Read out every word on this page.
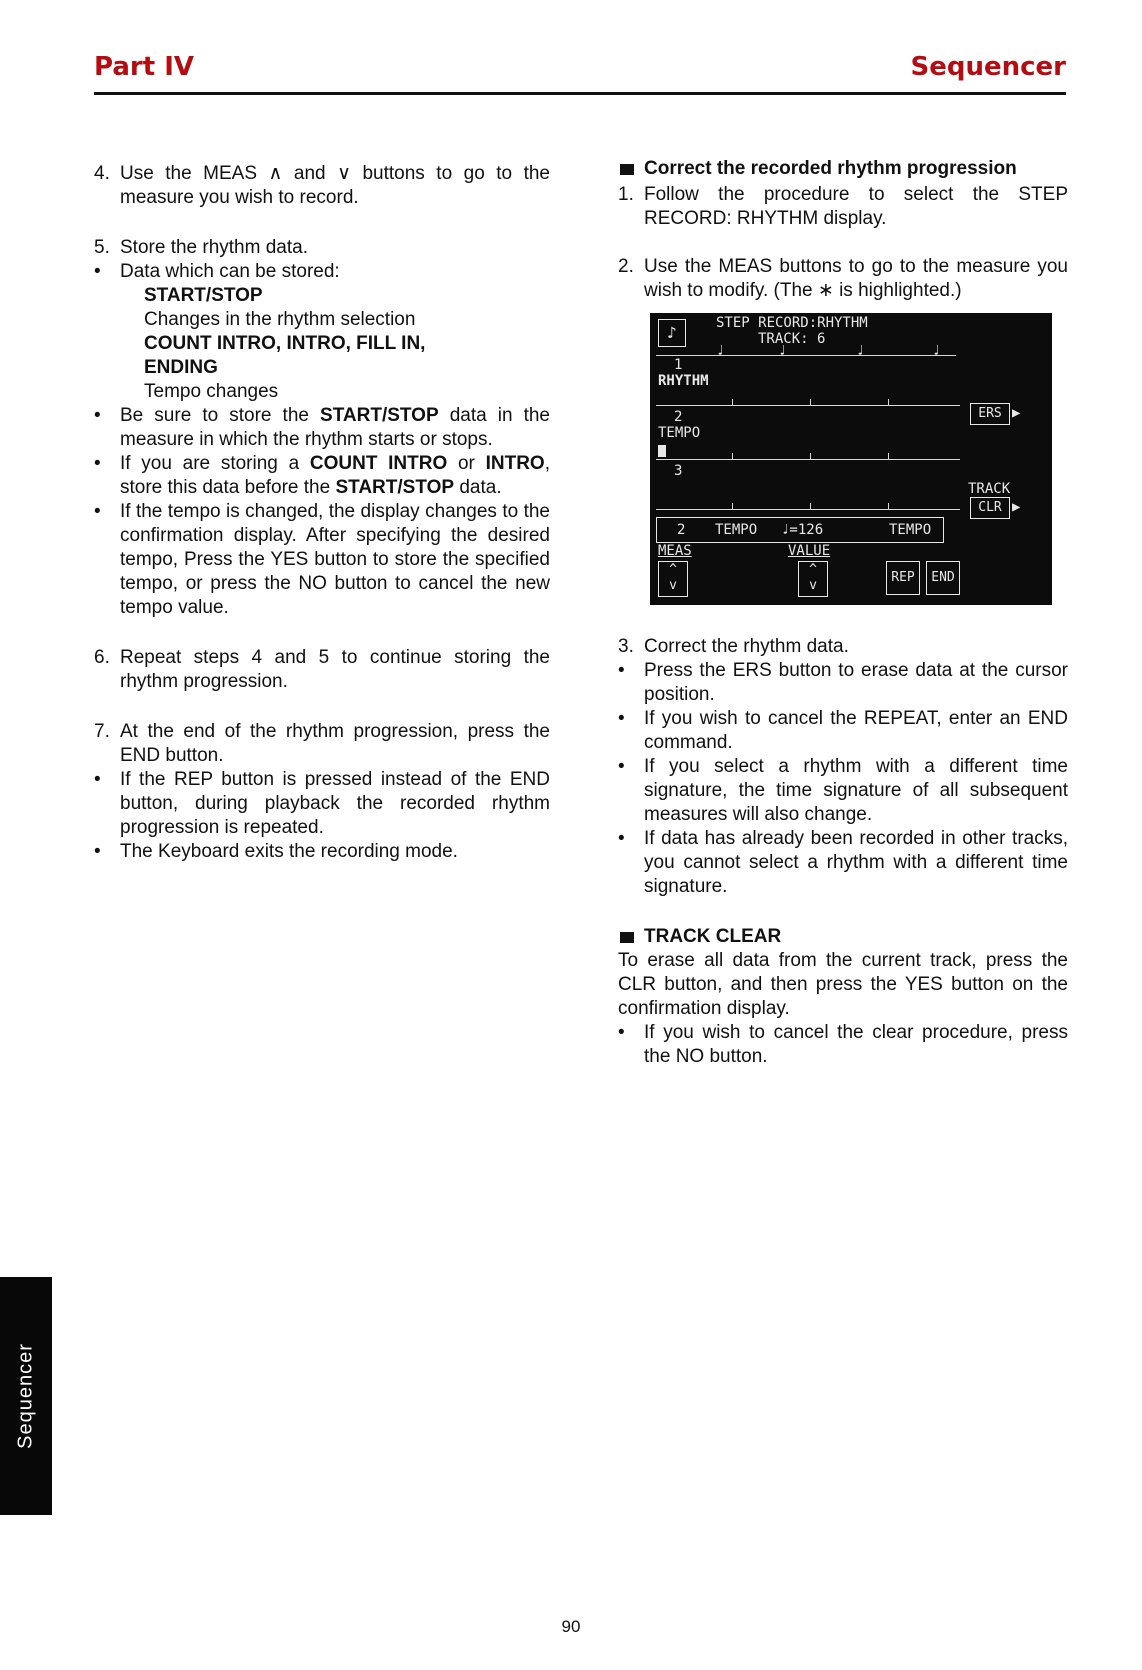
Part IV	Sequencer
4. Use the MEAS ∧ and ∨ buttons to go to the measure you wish to record.
5. Store the rhythm data.
•	Data which can be stored:
START/STOP
Changes in the rhythm selection
COUNT INTRO, INTRO, FILL IN,
ENDING
Tempo changes
•	Be sure to store the START/STOP data in the measure in which the rhythm starts or stops.
•	If you are storing a COUNT INTRO or INTRO, store this data before the START/STOP data.
•	If the tempo is changed, the display changes to the confirmation display. After specifying the desired tempo, Press the YES button to store the specified tempo, or press the NO button to cancel the new tempo value.
6. Repeat steps 4 and 5 to continue storing the rhythm progression.
7. At the end of the rhythm progression, press the END button.
•	If the REP button is pressed instead of the END button, during playback the recorded rhythm progression is repeated.
•	The Keyboard exits the recording mode.
Correct the recorded rhythm progression
1. Follow the procedure to select the STEP RECORD: RHYTHM display.
2. Use the MEAS buttons to go to the measure you wish to modify. (The ∗ is highlighted.)
♪	STEP RECORD:RHYTHM
TRACK: 6
♩	♩	♩	♩
1
RHYTHM
2
TEMPO
3
ERS ▶
TRACK
CLR ▶
2 TEMPO ♩=126	TEMPO
MEAS	VALUE
^
v
^
v
REP	END
3. Correct the rhythm data.
•	Press the ERS button to erase data at the cursor position.
•	If you wish to cancel the REPEAT, enter an END command.
•	If you select a rhythm with a different time signature, the time signature of all subsequent measures will also change.
•	If data has already been recorded in other tracks, you cannot select a rhythm with a different time signature.
TRACK CLEAR
To erase all data from the current track, press the CLR button, and then press the YES button on the confirmation display.
•	If you wish to cancel the clear procedure, press the NO button.
Sequencer
90
